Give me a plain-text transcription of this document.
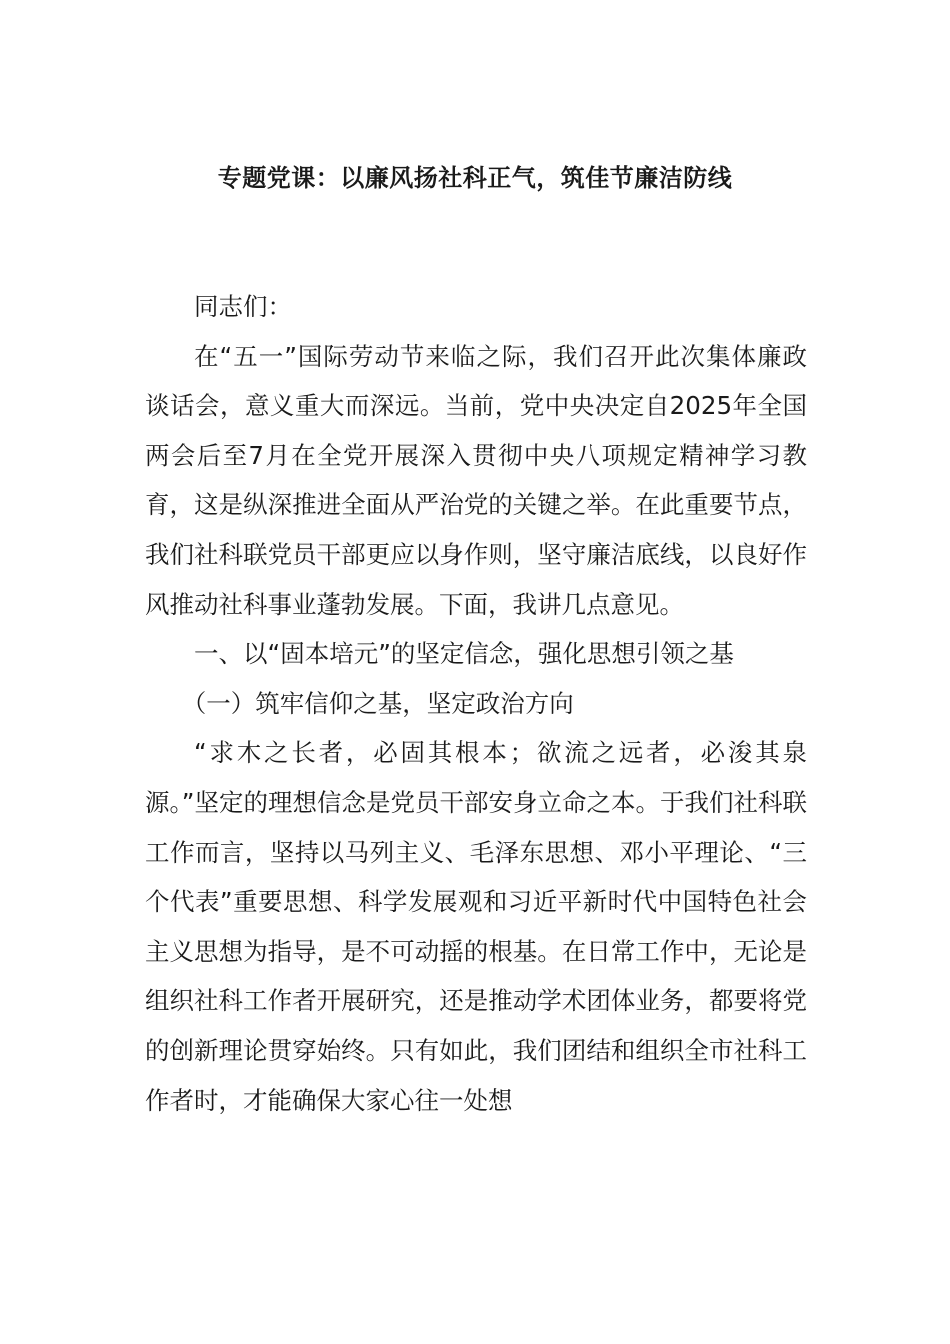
专题党课：以廉风扬社科正气，筑佳节廉洁防线

同志们：

在“五一”国际劳动节来临之际，我们召开此次集体廉政谈话会，意义重大而深远。当前，党中央决定自2025年全国两会后至7月在全党开展深入贯彻中央八项规定精神学习教育，这是纵深推进全面从严治党的关键之举。在此重要节点，我们社科联党员干部更应以身作则，坚守廉洁底线，以良好作风推动社科事业蓬勃发展。下面，我讲几点意见。

一、以“固本培元”的坚定信念，强化思想引领之基

（一）筑牢信仰之基，坚定政治方向

“求木之长者，必固其根本；欲流之远者，必浚其泉源。”坚定的理想信念是党员干部安身立命之本。于我们社科联工作而言，坚持以马列主义、毛泽东思想、邓小平理论、“三个代表”重要思想、科学发展观和习近平新时代中国特色社会主义思想为指导，是不可动摇的根基。在日常工作中，无论是组织社科工作者开展研究，还是推动学术团体业务，都要将党的创新理论贯穿始终。只有如此，我们团结和组织全市社科工作者时，才能确保大家心往一处想
